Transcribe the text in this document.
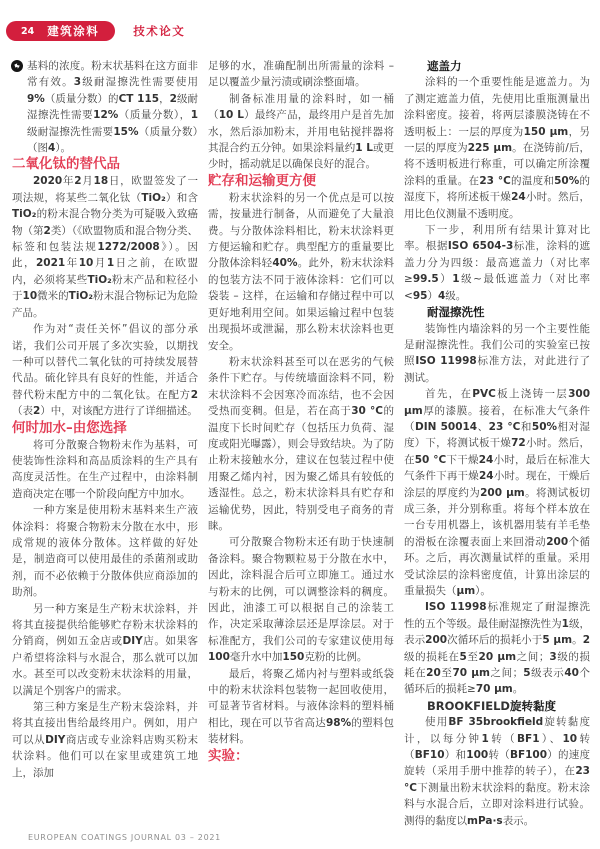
24 建筑涂料	技术论文

基料的浓度。粉末状基料在这方面非常有效。3级耐湿擦洗性需要使用9%（质量分数）的CT 115，2级耐湿擦洗性需要12%（质量分数），1级耐湿擦洗性需要15%（质量分数）（图4）。

二氧化钛的替代品

2020年2月18日，欧盟签发了一项法规，将某些二氧化钛（TiO₂）和含TiO₂的粉末混合物分类为可疑吸入致癌物（第2类）（《欧盟物质和混合物分类、标签和包装法规1272/2008》）。因此，2021年10月1日之前，在欧盟内，必须将某些TiO₂粉末产品和粒径小于10微米的TiO₂粉末混合物标记为危险产品。

作为对“责任关怀”倡议的部分承诺，我们公司开展了多次实验，以期找一种可以替代二氧化钛的可持续发展替代品。硫化锌具有良好的性能，并适合替代粉末配方中的二氧化钛。在配方2（表2）中，对该配方进行了详细描述。

何时加水–由您选择

将可分散聚合物粉末作为基料，可使装饰性涂料和高品质涂料的生产具有高度灵活性。在生产过程中，由涂料制造商决定在哪一个阶段向配方中加水。

一种方案是使用粉末基料来生产液体涂料：将聚合物粉末分散在水中，形成常规的液体分散体。这样做的好处是，制造商可以使用最佳的杀菌剂或助剂，而不必依赖于分散体供应商添加的助剂。

另一种方案是生产粉末状涂料，并将其直接提供给能够贮存粉末状涂料的分销商，例如五金店或DIY店。如果客户希望将涂料与水混合，那么就可以加水。甚至可以改变粉末状涂料的用量，以满足个别客户的需求。

第三种方案是生产粉末袋涂料，并将其直接出售给最终用户。例如，用户可以从DIY商店或专业涂料店购买粉末状涂料。他们可以在家里或建筑工地上，添加

足够的水，准确配制出所需量的涂料 – 足以覆盖少量污渍或刷涂整面墙。

制备标准用量的涂料时，如一桶（10 L）最终产品，最终用户是首先加水，然后添加粉末，并用电钻搅拌器将其混合约五分钟。如果涂料量约1 L或更少时，摇动就足以确保良好的混合。

贮存和运输更方便

粉末状涂料的另一个优点是可以按需，按量进行制备，从而避免了大量浪费。与分散体涂料相比，粉末状涂料更方便运输和贮存。典型配方的重量要比分散体涂料轻40%。此外，粉末状涂料的包装方法不同于液体涂料：它们可以袋装 – 这样，在运输和存储过程中可以更好地利用空间。如果运输过程中包装出现损坏或泄漏，那么粉末状涂料也更安全。

粉末状涂料甚至可以在恶劣的气候条件下贮存。与传统墙面涂料不同，粉末状涂料不会因寒冷而冻结，也不会因受热而变稠。但是，若在高于30 °C的温度下长时间贮存（包括压力负荷、湿度或阳光曝露），则会导致结块。为了防止粉末接触水分，建议在包装过程中使用聚乙烯内衬，因为聚乙烯具有较低的透湿性。总之，粉末状涂料具有贮存和运输优势，因此，特别受电子商务的青睐。

可分散聚合物粉末还有助于快速制备涂料。聚合物颗粒易于分散在水中，因此，涂料混合后可立即施工。通过水与粉末的比例，可以调整涂料的稠度。因此，油漆工可以根据自己的涂装工作，决定采取薄涂层还是厚涂层。对于标准配方，我们公司的专家建议使用每100毫升水中加150克粉的比例。

最后，将聚乙烯内衬与塑料或纸袋中的粉末状涂料包装物一起回收使用，可显著节省材料。与液体涂料的塑料桶相比，现在可以节省高达98%的塑料包装材料。

实验：
遮盖力

涂料的一个重要性能是遮盖力。为了测定遮盖力值，先使用比重瓶测量出涂料密度。接着，将两层漆膜浇铸在不透明板上：一层的厚度为150 μm，另一层的厚度为225 μm。在浇铸前/后，将不透明板进行称重，可以确定所涂覆涂料的重量。在23 °C的温度和50%的湿度下，将所述板干燥24小时。然后，用比色仪测量不透明度。

下一步，利用所有结果计算对比率。根据ISO 6504-3标准，涂料的遮盖力分为四级：最高遮盖力（对比率≥99.5）1级~最低遮盖力（对比率<95）4级。

耐湿擦洗性

装饰性内墙涂料的另一个主要性能是耐湿擦洗性。我们公司的实验室已按照ISO 11998标准方法，对此进行了测试。

首先，在PVC板上浇铸一层300 μm厚的漆膜。接着，在标准大气条件（DIN 50014、23 °C和50%相对湿度）下，将测试板干燥72小时。然后，在50 °C下干燥24小时，最后在标准大气条件下再干燥24小时。现在，干燥后涂层的厚度约为200 μm。将测试板切成三条，并分别称重。将每个样本放在一台专用机器上，该机器用装有羊毛垫的滑板在涂覆表面上来回滑动200个循环。之后，再次测量试样的重量。采用受试涂层的涂料密度值，计算出涂层的重量损失（μm）。

ISO 11998标准规定了耐湿擦洗性的五个等级。最佳耐湿擦洗性为1级，表示200次循环后的损耗小于5 μm。2级的损耗在5至20 μm之间；3级的损耗在20至70 μm之间；5级表示40个循环后的损耗≥70 μm。

BROOKFIELD旋转黏度

使用BF 35brookfield旋转黏度计，以每分钟1转（BF1）、10转（BF10）和100转（BF100）的速度旋转（采用手册中推荐的转子），在23 °C下测量出粉末状涂料的黏度。粉末涂料与水混合后，立即对涂料进行试验。测得的黏度以mPa·s表示。

EUROPEAN COATINGS JOURNAL 03 – 2021
